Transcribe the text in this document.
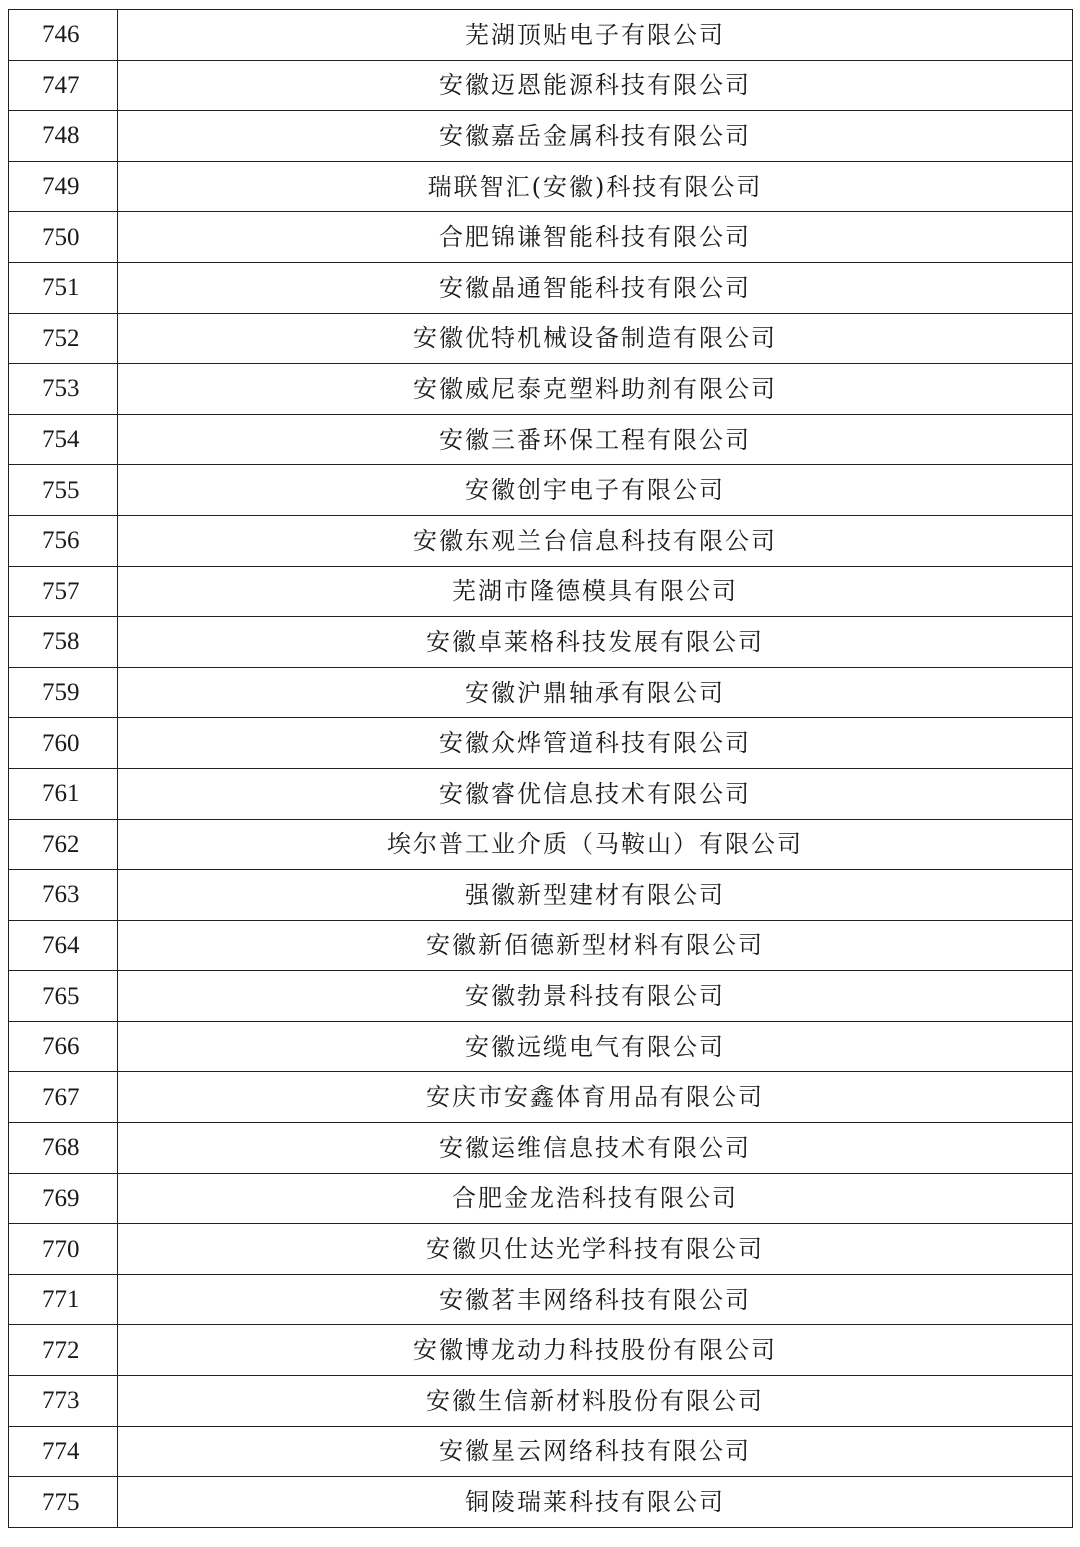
746	芜湖顶贴电子有限公司
747	安徽迈恩能源科技有限公司
748	安徽嘉岳金属科技有限公司
749	瑞联智汇(安徽)科技有限公司
750	合肥锦谦智能科技有限公司
751	安徽晶通智能科技有限公司
752	安徽优特机械设备制造有限公司
753	安徽威尼泰克塑料助剂有限公司
754	安徽三番环保工程有限公司
755	安徽创宇电子有限公司
756	安徽东观兰台信息科技有限公司
757	芜湖市隆德模具有限公司
758	安徽卓莱格科技发展有限公司
759	安徽沪鼎轴承有限公司
760	安徽众烨管道科技有限公司
761	安徽睿优信息技术有限公司
762	埃尔普工业介质（马鞍山）有限公司
763	强徽新型建材有限公司
764	安徽新佰德新型材料有限公司
765	安徽勃景科技有限公司
766	安徽远缆电气有限公司
767	安庆市安鑫体育用品有限公司
768	安徽运维信息技术有限公司
769	合肥金龙浩科技有限公司
770	安徽贝仕达光学科技有限公司
771	安徽茗丰网络科技有限公司
772	安徽博龙动力科技股份有限公司
773	安徽生信新材料股份有限公司
774	安徽星云网络科技有限公司
775	铜陵瑞莱科技有限公司
